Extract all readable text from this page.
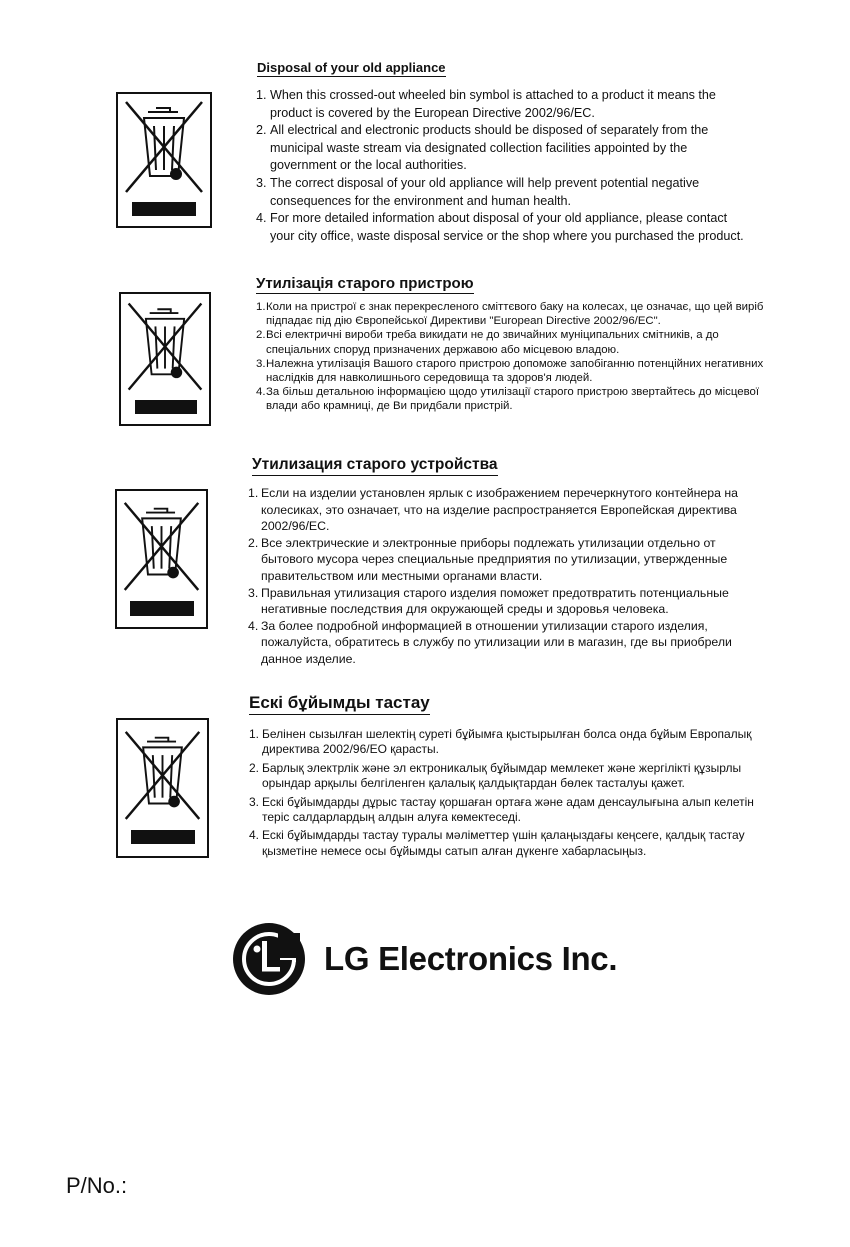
Disposal of your old appliance
1. When this crossed-out wheeled bin symbol is attached to a product it means the product is covered by the European Directive 2002/96/EC.
2. All electrical and electronic products should be disposed of separately from the municipal waste stream via designated collection facilities appointed by the government or the local authorities.
3. The correct disposal of your old appliance will help prevent potential negative consequences for the environment and human health.
4. For more detailed information about disposal of your old appliance, please contact your city office, waste disposal service or the shop where you purchased the product.
Утилізація старого пристрою
1. Коли на пристрої є знак перекресленого сміттєвого баку на колесах, це означає, що цей виріб підпадає під дію Європейської Директиви "European Directive 2002/96/EC".
2. Всі електричні вироби треба викидати не до звичайних муніципальних смітників, а до спеціальних споруд призначених державою або місцевою владою.
3. Належна утилізація Вашого старого пристрою допоможе запобіганню потенційних негативних наслідків для навколишнього середовища та здоров'я людей.
4. За більш детальною інформацією щодо утилізації старого пристрою звертайтесь до місцевої влади або крамниці, де Ви придбали пристрій.
Утилизация старого устройства
1. Если на изделии установлен ярлык с изображением перечеркнутого контейнера на колесиках, это означает, что на изделие распространяется Европейская директива 2002/96/EC.
2. Все электрические и электронные приборы подлежать утилизации отдельно от бытового мусора через специальные предприятия по утилизации, утвержденные правительством или местными органами власти.
3. Правильная утилизация старого изделия поможет предотвратить потенциальные негативные последствия для окружающей среды и здоровья человека.
4. За более подробной информацией в отношении утилизации старого изделия, пожалуйста, обратитесь в службу по утилизации или в магазин, где вы приобрели данное изделие.
Ескі бұйымды тастау
1. Белінен сызылған шелектің суреті бұйымға қыстырылған болса онда бұйым Европалық директива 2002/96/EO қарасты.
2. Барлық электрлік және эл ектроникалық бұйымдар мемлекет және жергілікті құзырлы орындар арқылы белгіленген қалалық қалдықтардан бөлек тасталуы қажет.
3. Ескі бұйымдарды дұрыс тастау қоршаған ортаға және адам денсаулығына алып келетін теріс салдарлардың алдын алуға көмектеседі.
4. Ескі бұйымдарды тастау туралы мәліметтер үшін қалаңыздағы кеңсеге, қалдық тастау қызметіне немесе осы бұйымды сатып алған дүкенге хабарласыңыз.
LG Electronics Inc.
P/No.:
